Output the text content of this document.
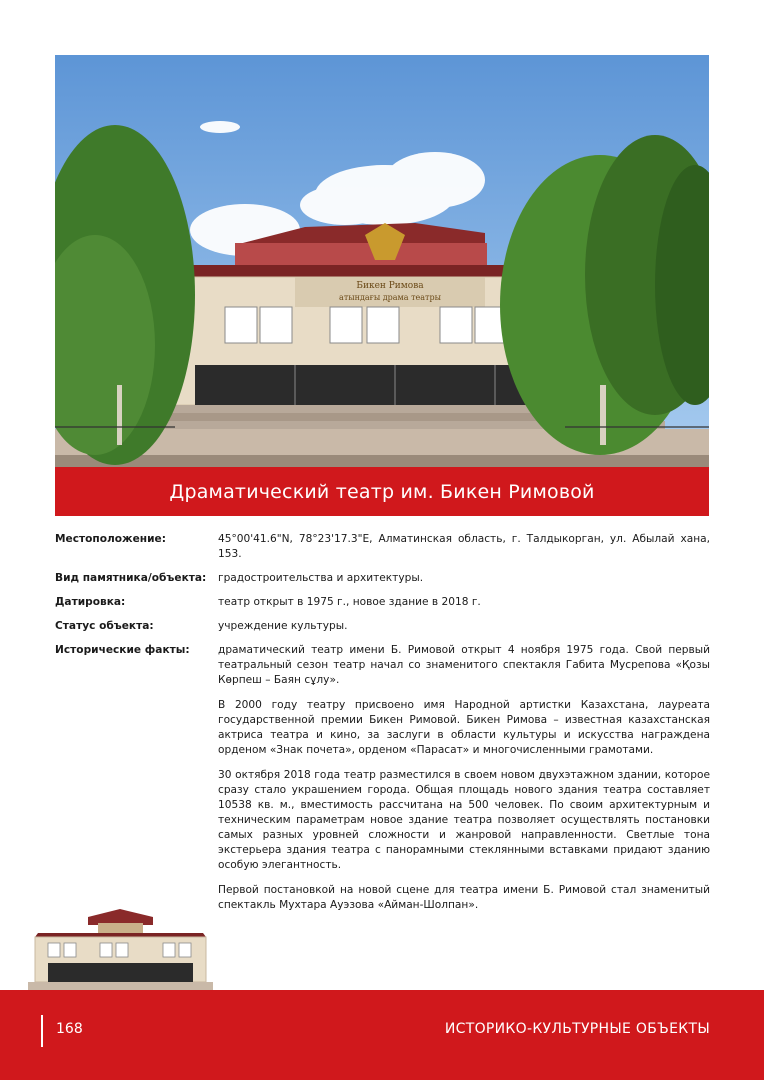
Бикен Римова
атындағы драма театры
Драматический театр им. Бикен Римовой
Местоположение:	45°00'41.6"N, 78°23'17.3"E, Алматинская область, г. Талдыкорган, ул. Абылай хана, 153.
Вид памятника/объекта:	градостроительства и архитектуры.
Датировка:	театр открыт в 1975 г., новое здание в 2018 г.
Статус объекта:	учреждение культуры.
Исторические факты:	драматический театр имени Б. Римовой открыт 4 ноября 1975 года. Свой первый театральный сезон театр начал со знаменитого спектакля Габита Мусрепова «Қозы Көрпеш – Баян сұлу».

В 2000 году театру присвоено имя Народной артистки Казахстана, лауреата государственной премии Бикен Римовой. Бикен Римова – известная казахстанская актриса театра и кино, за заслуги в области культуры и искусства награждена орденом «Знак почета», орденом «Парасат» и многочисленными грамотами.

30 октября 2018 года театр разместился в своем новом двухэтажном здании, которое сразу стало украшением города. Общая площадь нового здания театра составляет 10538 кв. м., вместимость рассчитана на 500 человек. По своим архитектурным и техническим параметрам новое здание театра позволяет осуществлять постановки самых разных уровней сложности и жанровой направленности. Светлые тона экстерьера здания театра с панорамными стеклянными вставками придают зданию особую элегантность.

Первой постановкой на новой сцене для театра имени Б. Римовой стал знаменитый спектакль Мухтара Ауэзова «Айман-Шолпан».

168	ИСТОРИКО-КУЛЬТУРНЫЕ ОБЪЕКТЫ
